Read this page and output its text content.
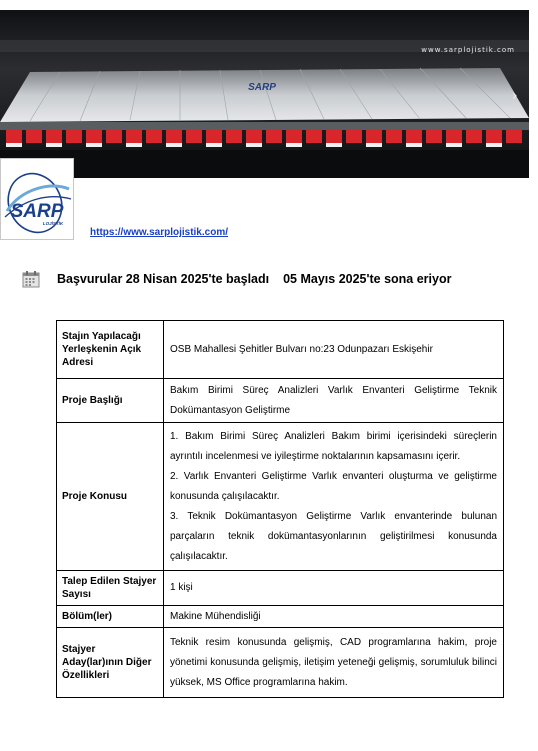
SARP
›
www.sarplojistik.com
SARP
LOJİSTİK
https://www.sarplojistik.com/
Başvurular 28 Nisan 2025'te başladı 05 Mayıs 2025'te sona eriyor
Stajın Yapılacağı Yerleşkenin Açık Adresi	OSB Mahallesi Şehitler Bulvarı no:23 Odunpazarı Eskişehir

Proje Başlığı	Bakım Birimi Süreç Analizleri Varlık Envanteri Geliştirme Teknik Dokümantasyon Geliştirme

Proje Konusu	1. Bakım Birimi Süreç Analizleri Bakım birimi içerisindeki süreçlerin ayrıntılı incelenmesi ve iyileştirme noktalarının kapsamasını içerir.

2. Varlık Envanteri Geliştirme Varlık envanteri oluşturma ve geliştirme konusunda çalışılacaktır.

3. Teknik Dokümantasyon Geliştirme Varlık envanterinde bulunan parçaların teknik dokümantasyonlarının geliştirilmesi konusunda çalışılacaktır.

Talep Edilen Stajyer Sayısı	1 kişi

Bölüm(ler)	Makine Mühendisliği

Stajyer Aday(lar)ının Diğer Özellikleri	Teknik resim konusunda gelişmiş, CAD programlarına hakim, proje yönetimi konusunda gelişmiş, iletişim yeteneği gelişmiş, sorumluluk bilinci yüksek, MS Office programlarına hakim.
